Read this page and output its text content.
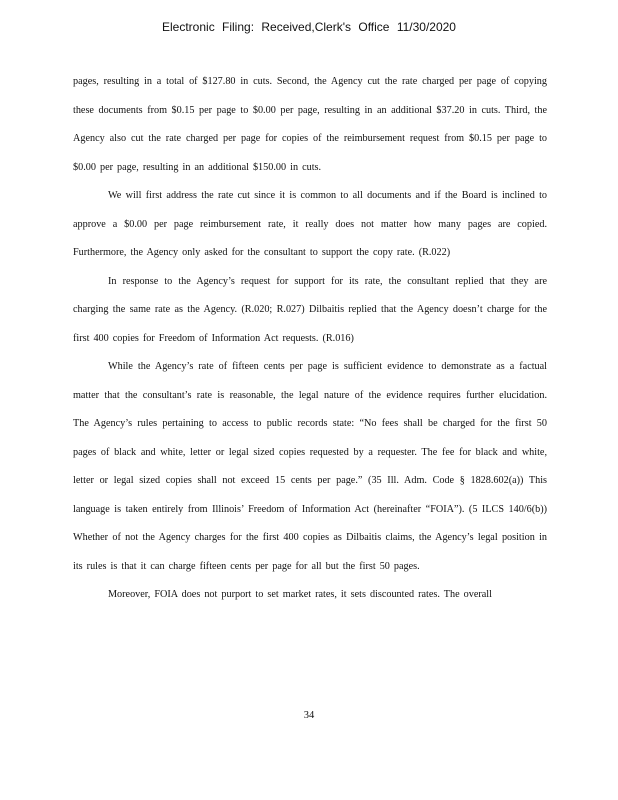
Electronic Filing: Received,Clerk's Office 11/30/2020

pages, resulting in a total of $127.80 in cuts. Second, the Agency cut the rate charged per page of copying these documents from $0.15 per page to $0.00 per page, resulting in an additional $37.20 in cuts. Third, the Agency also cut the rate charged per page for copies of the reimbursement request from $0.15 per page to $0.00 per page, resulting in an additional $150.00 in cuts.

We will first address the rate cut since it is common to all documents and if the Board is inclined to approve a $0.00 per page reimbursement rate, it really does not matter how many pages are copied. Furthermore, the Agency only asked for the consultant to support the copy rate. (R.022)

In response to the Agency’s request for support for its rate, the consultant replied that they are charging the same rate as the Agency. (R.020; R.027) Dilbaitis replied that the Agency doesn’t charge for the first 400 copies for Freedom of Information Act requests. (R.016)

While the Agency’s rate of fifteen cents per page is sufficient evidence to demonstrate as a factual matter that the consultant’s rate is reasonable, the legal nature of the evidence requires further elucidation. The Agency’s rules pertaining to access to public records state: “No fees shall be charged for the first 50 pages of black and white, letter or legal sized copies requested by a requester. The fee for black and white, letter or legal sized copies shall not exceed 15 cents per page.” (35 Ill. Adm. Code § 1828.602(a)) This language is taken entirely from Illinois’ Freedom of Information Act (hereinafter “FOIA”). (5 ILCS 140/6(b)) Whether of not the Agency charges for the first 400 copies as Dilbaitis claims, the Agency’s legal position in its rules is that it can charge fifteen cents per page for all but the first 50 pages.

Moreover, FOIA does not purport to set market rates, it sets discounted rates. The overall

34
